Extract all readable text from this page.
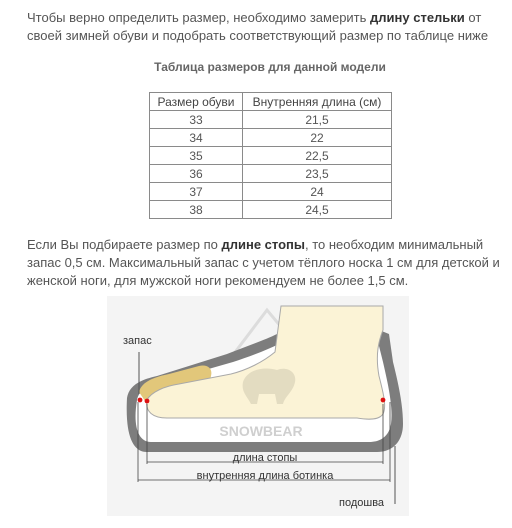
Чтобы верно определить размер, необходимо замерить длину стельки от своей зимней обуви и подобрать соответствующий размер по таблице ниже

Таблица размеров для данной модели
Размер обуви	Внутренняя длина (см)
33	21,5
34	22
35	22,5
36	23,5
37	24
38	24,5

Если Вы подбираете размер по длине стопы, то необходим минимальный запас 0,5 см. Максимальный запас с учетом тёплого носка 1 см для детской и женской ноги, для мужской ноги рекомендуем не более 1,5 см.

SNOWBEAR
запас
длина стопы
внутренняя длина ботинка
подошва
